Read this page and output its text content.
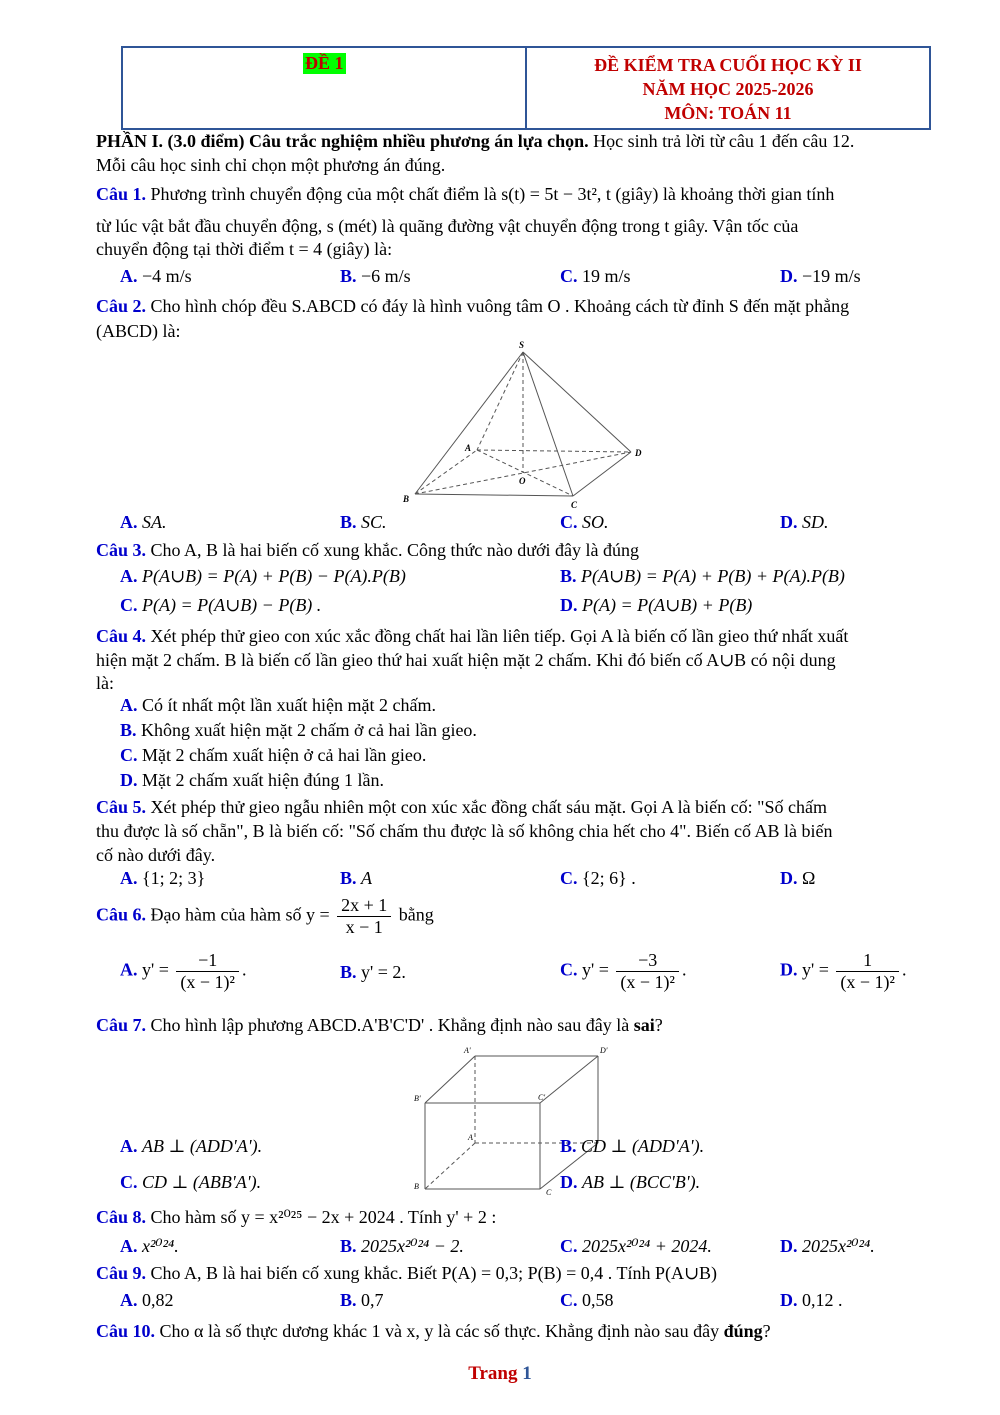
ĐỀ 1	ĐỀ KIỂM TRA CUỐI HỌC KỲ II
NĂM HỌC 2025-2026
MÔN: TOÁN 11
PHẦN I. (3.0 điểm) Câu trắc nghiệm nhiều phương án lựa chọn. Học sinh trả lời từ câu 1 đến câu 12.
Mỗi câu học sinh chỉ chọn một phương án đúng.
Câu 1. Phương trình chuyển động của một chất điểm là s(t) = 5t − 3t², t (giây) là khoảng thời gian tính
từ lúc vật bắt đầu chuyển động, s (mét) là quãng đường vật chuyển động trong t giây. Vận tốc của
chuyển động tại thời điểm t = 4 (giây) là:
A. −4 m/s	B. −6 m/s	C. 19 m/s	D. −19 m/s
Câu 2. Cho hình chóp đều S.ABCD có đáy là hình vuông tâm O . Khoảng cách từ đỉnh S đến mặt phẳng
(ABCD) là:
S
A	D
O
B
C
A. SA.	B. SC.	C. SO.	D. SD.
Câu 3. Cho A, B là hai biến cố xung khắc. Công thức nào dưới đây là đúng
A. P(A∪B) = P(A) + P(B) − P(A).P(B)	B. P(A∪B) = P(A) + P(B) + P(A).P(B)
C. P(A) = P(A∪B) − P(B) .	D. P(A) = P(A∪B) + P(B)
Câu 4. Xét phép thử gieo con xúc xắc đồng chất hai lần liên tiếp. Gọi A là biến cố lần gieo thứ nhất xuất
hiện mặt 2 chấm. B là biến cố lần gieo thứ hai xuất hiện mặt 2 chấm. Khi đó biến cố A∪B có nội dung
là:
A. Có ít nhất một lần xuất hiện mặt 2 chấm.
B. Không xuất hiện mặt 2 chấm ở cả hai lần gieo.
C. Mặt 2 chấm xuất hiện ở cả hai lần gieo.
D. Mặt 2 chấm xuất hiện đúng 1 lần.
Câu 5. Xét phép thử gieo ngẫu nhiên một con xúc xắc đồng chất sáu mặt. Gọi A là biến cố: "Số chấm
thu được là số chẵn", B là biến cố: "Số chấm thu được là số không chia hết cho 4". Biến cố AB là biến
cố nào dưới đây.
A. {1; 2; 3}	B. A	C. {2; 6} .	D. Ω
Câu 6. Đạo hàm của hàm số $y = \frac{2x + 1}{x - 1}$ bằng
A. $y' = \frac{-1}{\text{(x − 1)²}}$ .	B. y' = 2.	C. $y' = \frac{-3}{\text{(x − 1)²}}$ .	D. $y' = \frac{1}{\text{(x − 1)²}}$ .
Câu 7. Cho hình lập phương ABCD.A'B'C'D' . Khẳng định nào sau đây là sai?
A'	D'
B'	C'
A
B
C
A. AB ⊥ (ADD'A').	B. CD ⊥ (ADD'A').
C. CD ⊥ (ABB'A').	D. AB ⊥ (BCC'B').
Câu 8. Cho hàm số y = x²⁰²⁵ − 2x + 2024 . Tính y' + 2 :
A. x²⁰²⁴.	B. 2025x²⁰²⁴ − 2.	C. 2025x²⁰²⁴ + 2024.	D. 2025x²⁰²⁴.
Câu 9. Cho A, B là hai biến cố xung khắc. Biết P(A) = 0,3; P(B) = 0,4 . Tính P(A∪B)
A. 0,82	B. 0,7	C. 0,58	D. 0,12 .
Câu 10. Cho α là số thực dương khác 1 và x, y là các số thực. Khẳng định nào sau đây đúng?
Trang 1
